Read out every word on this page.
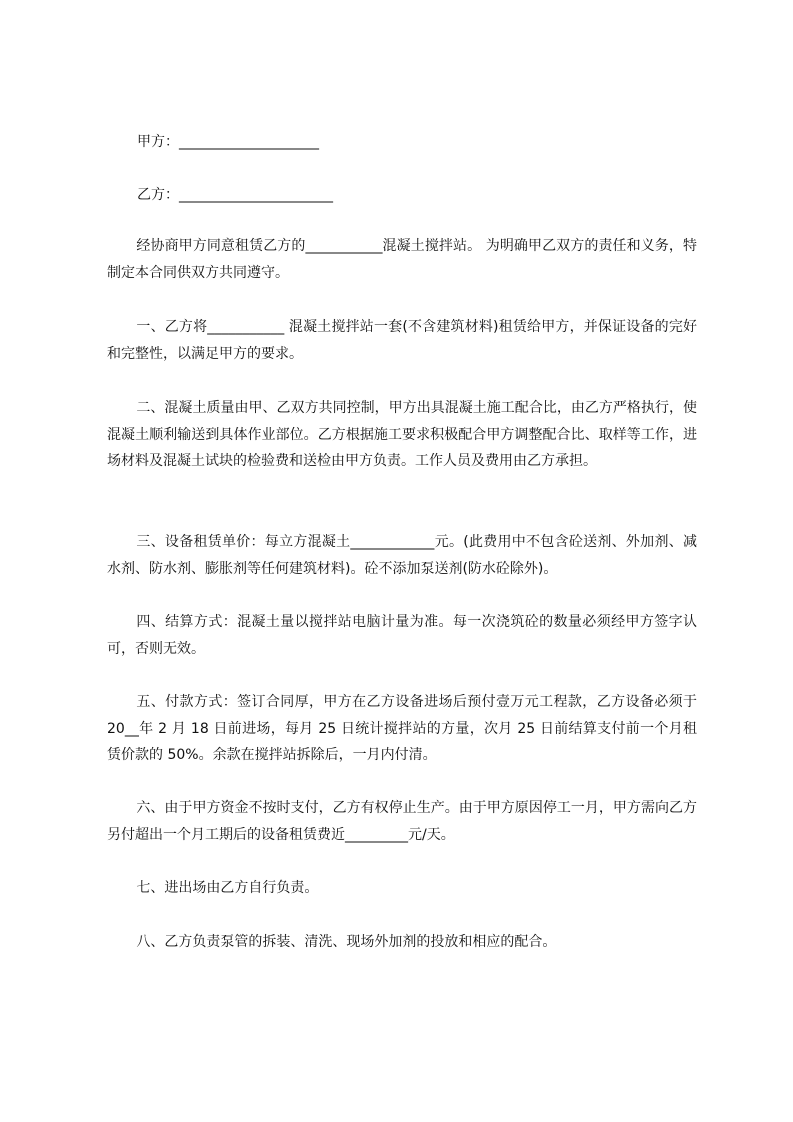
甲方：____________________
乙方：______________________

经协商甲方同意租赁乙方的___________混凝土搅拌站。 为明确甲乙双方的责任和义务，特制定本合同供双方共同遵守。

一、乙方将___________ 混凝土搅拌站一套(不含建筑材料)租赁给甲方，并保证设备的完好和完整性，以满足甲方的要求。

二、混凝土质量由甲、乙双方共同控制，甲方出具混凝土施工配合比，由乙方严格执行，使混凝土顺利输送到具体作业部位。乙方根据施工要求积极配合甲方调整配合比、取样等工作，进场材料及混凝土试块的检验费和送检由甲方负责。工作人员及费用由乙方承担。

三、设备租赁单价：每立方混凝土____________元。(此费用中不包含砼送剂、外加剂、减水剂、防水剂、膨胀剂等任何建筑材料)。砼不添加泵送剂(防水砼除外)。

四、结算方式：混凝土量以搅拌站电脑计量为准。每一次浇筑砼的数量必须经甲方签字认可，否则无效。

五、付款方式：签订合同厚，甲方在乙方设备进场后预付壹万元工程款，乙方设备必须于 20__年 2 月 18 日前进场，每月 25 日统计搅拌站的方量，次月 25 日前结算支付前一个月租赁价款的 50%。余款在搅拌站拆除后，一月内付清。

六、由于甲方资金不按时支付，乙方有权停止生产。由于甲方原因停工一月，甲方需向乙方另付超出一个月工期后的设备租赁费近_________元/天。

七、进出场由乙方自行负责。

八、乙方负责泵管的拆装、清洗、现场外加剂的投放和相应的配合。
